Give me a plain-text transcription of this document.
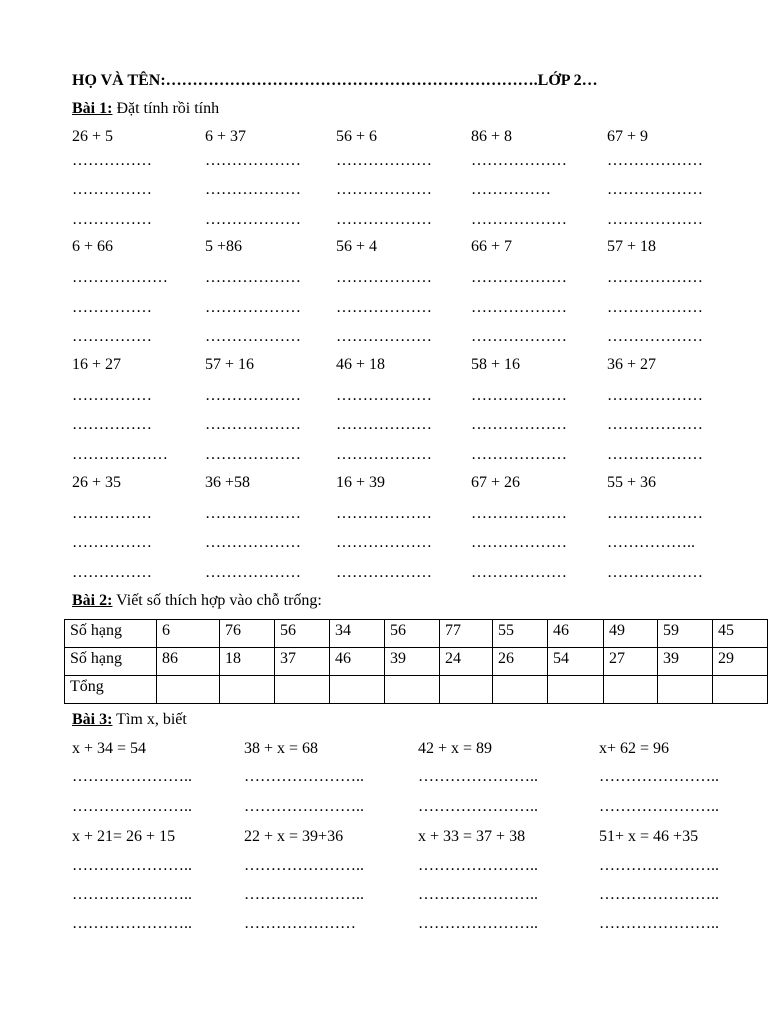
HỌ VÀ TÊN:…………………………………………………………….LỚP 2…
Bài 1: Đặt tính rồi tính
26 + 5	6 + 37	56 + 6	86 + 8	67 + 9
……………	……………… ……………… ………………	………………
……………	……………… ……………… ……………	………………
……………	……………… ……………… ………………	………………
6 + 66	5 +86	56 + 4	66 + 7	57 + 18
……………… ……………… ……………… ………………	………………
……………	……………… ……………… ………………	………………
……………	……………… ……………… ………………	………………
16 + 27	57 + 16	46 + 18	58 + 16	36 + 27
……………	……………… ……………… ………………	………………
……………	……………… ……………… ………………	………………
……………… ……………… ……………… ………………	………………
26 + 35	36 +58	16 + 39	67 + 26	55 + 36
……………	……………… ……………… ………………	………………
……………	……………… ……………… ………………	……………..
……………	……………… ……………… ………………	………………
Bài 2: Viết số thích hợp vào chỗ trống:
Số hạng	6	76	56	34	56	77	55	46	49	59	45
Số hạng	86	18	37	46	39	24	26	54	27	39	29
Tổng											
Bài 3: Tìm x, biết
x + 34 = 54	38 + x = 68	42 + x = 89	x+ 62 = 96
…………………..	…………………..	…………………..	…………………..
…………………..	…………………..	…………………..	…………………..
x + 21= 26 + 15	22 + x = 39+36	x + 33 = 37 + 38	51+ x = 46 +35
…………………..	…………………..	…………………..	…………………..
…………………..	…………………..	…………………..	…………………..
…………………..	…………………	…………………..	…………………..
